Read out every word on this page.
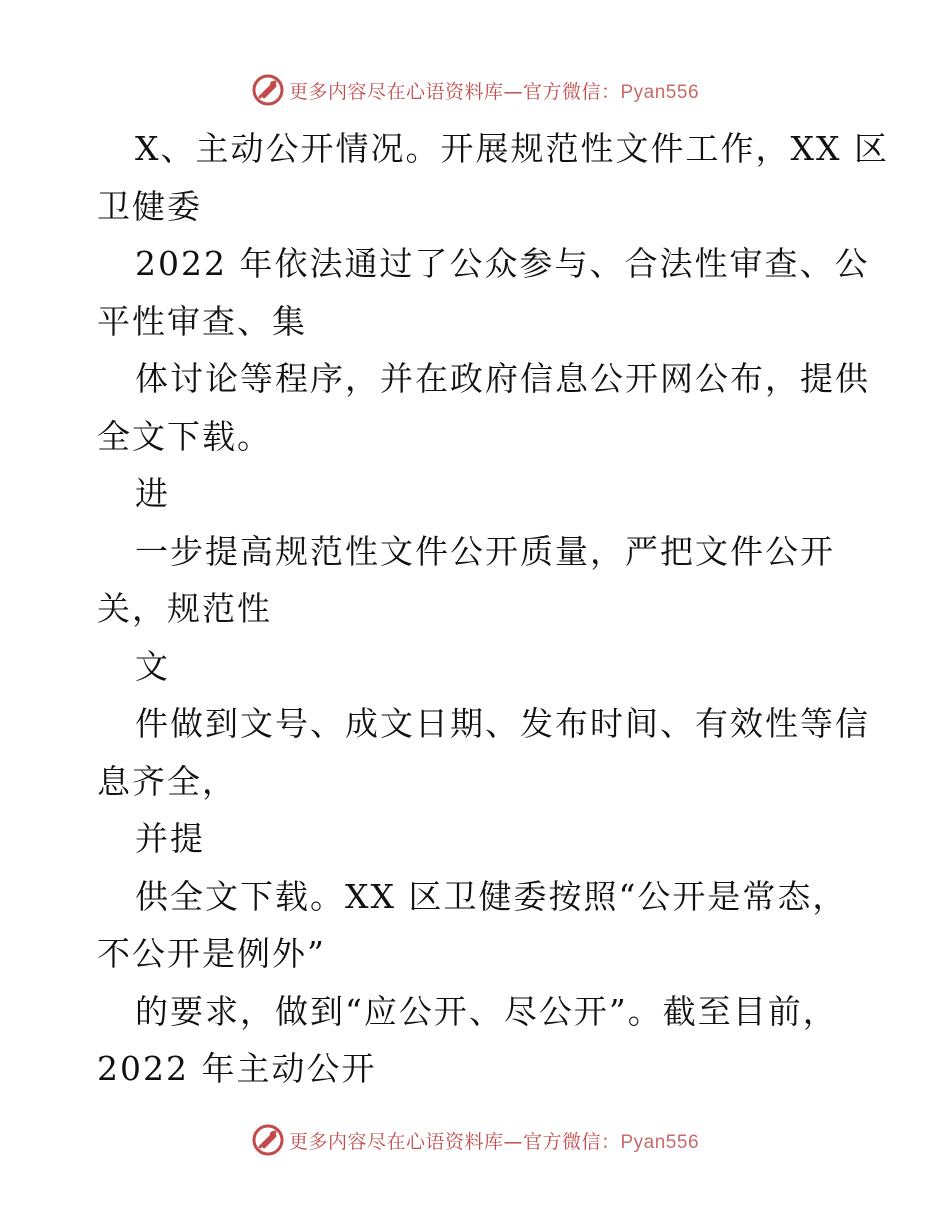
更多内容尽在心语资料库—官方微信：Pyan556
X、主动公开情况。开展规范性文件工作，XX 区
卫健委
2022 年依法通过了公众参与、合法性审查、公
平性审查、集
体讨论等程序，并在政府信息公开网公布，提供
全文下载。
进
一步提高规范性文件公开质量，严把文件公开
关，规范性
文
件做到文号、成文日期、发布时间、有效性等信
息齐全，
并提
供全文下载。XX 区卫健委按照“公开是常态，
不公开是例外”
的要求，做到“应公开、尽公开”。截至目前，
2022 年主动公开
更多内容尽在心语资料库—官方微信：Pyan556
